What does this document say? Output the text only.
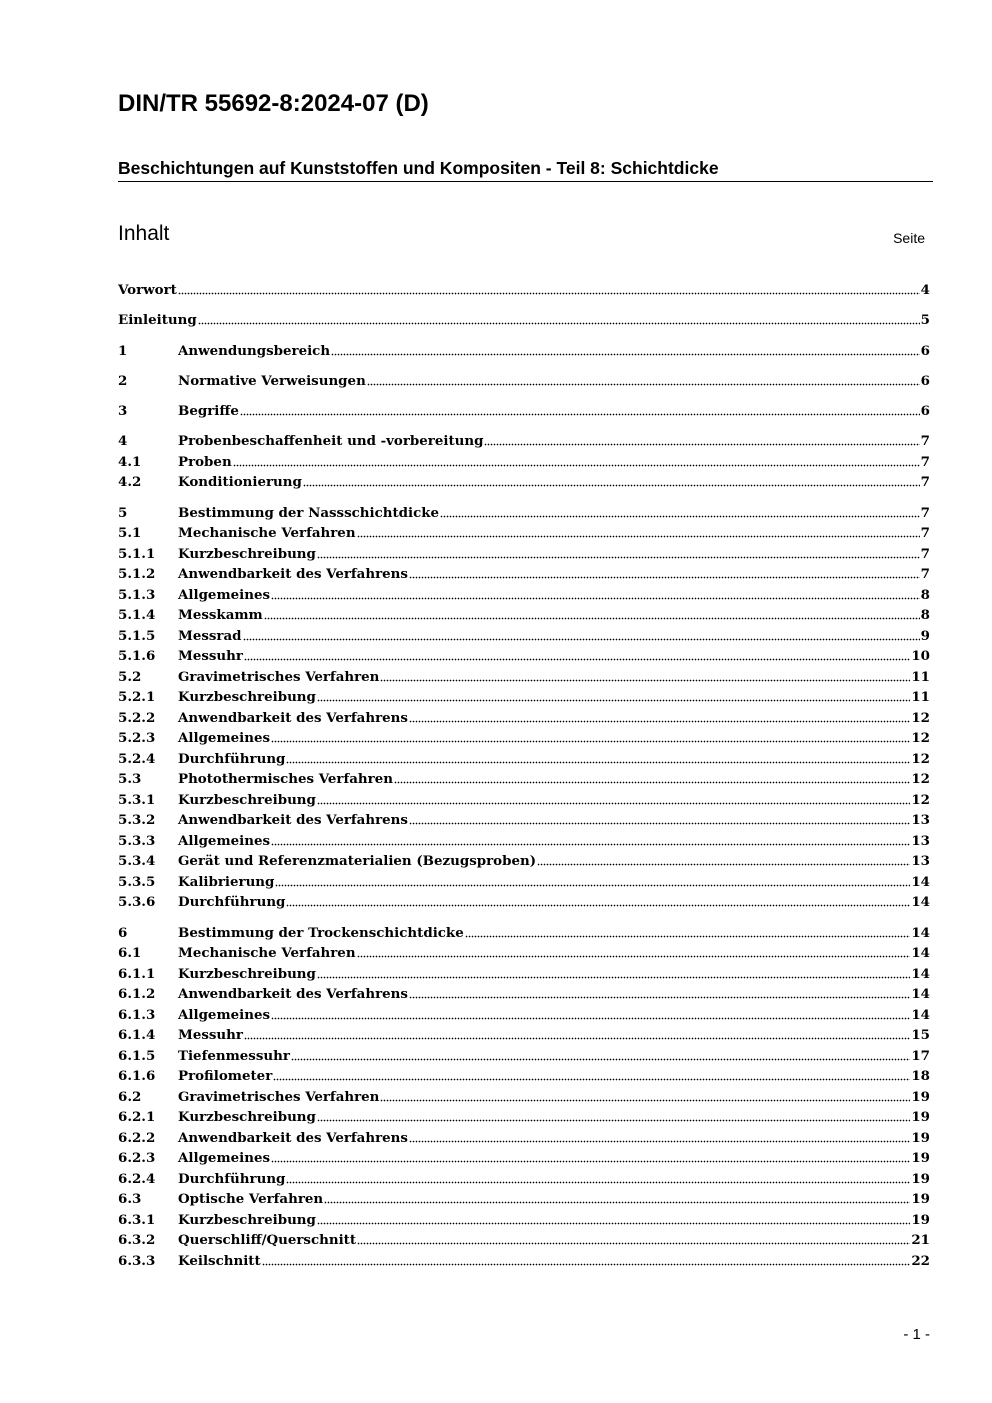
DIN/TR 55692-8:2024-07 (D)
Beschichtungen auf Kunststoffen und Kompositen - Teil 8: Schichtdicke
Inhalt	Seite
Vorwort	4
Einleitung	5
1	Anwendungsbereich	6
2	Normative Verweisungen	6
3	Begriffe	6
4	Probenbeschaffenheit und -vorbereitung	7
4.1	Proben	7
4.2	Konditionierung	7
5	Bestimmung der Nassschichtdicke	7
5.1	Mechanische Verfahren	7
5.1.1	Kurzbeschreibung	7
5.1.2	Anwendbarkeit des Verfahrens	7
5.1.3	Allgemeines	8
5.1.4	Messkamm	8
5.1.5	Messrad	9
5.1.6	Messuhr	10
5.2	Gravimetrisches Verfahren	11
5.2.1	Kurzbeschreibung	11
5.2.2	Anwendbarkeit des Verfahrens	12
5.2.3	Allgemeines	12
5.2.4	Durchführung	12
5.3	Photothermisches Verfahren	12
5.3.1	Kurzbeschreibung	12
5.3.2	Anwendbarkeit des Verfahrens	13
5.3.3	Allgemeines	13
5.3.4	Gerät und Referenzmaterialien (Bezugsproben)	13
5.3.5	Kalibrierung	14
5.3.6	Durchführung	14
6	Bestimmung der Trockenschichtdicke	14
6.1	Mechanische Verfahren	14
6.1.1	Kurzbeschreibung	14
6.1.2	Anwendbarkeit des Verfahrens	14
6.1.3	Allgemeines	14
6.1.4	Messuhr	15
6.1.5	Tiefenmessuhr	17
6.1.6	Profilometer	18
6.2	Gravimetrisches Verfahren	19
6.2.1	Kurzbeschreibung	19
6.2.2	Anwendbarkeit des Verfahrens	19
6.2.3	Allgemeines	19
6.2.4	Durchführung	19
6.3	Optische Verfahren	19
6.3.1	Kurzbeschreibung	19
6.3.2	Querschliff/Querschnitt	21
6.3.3	Keilschnitt	22
- 1 -
